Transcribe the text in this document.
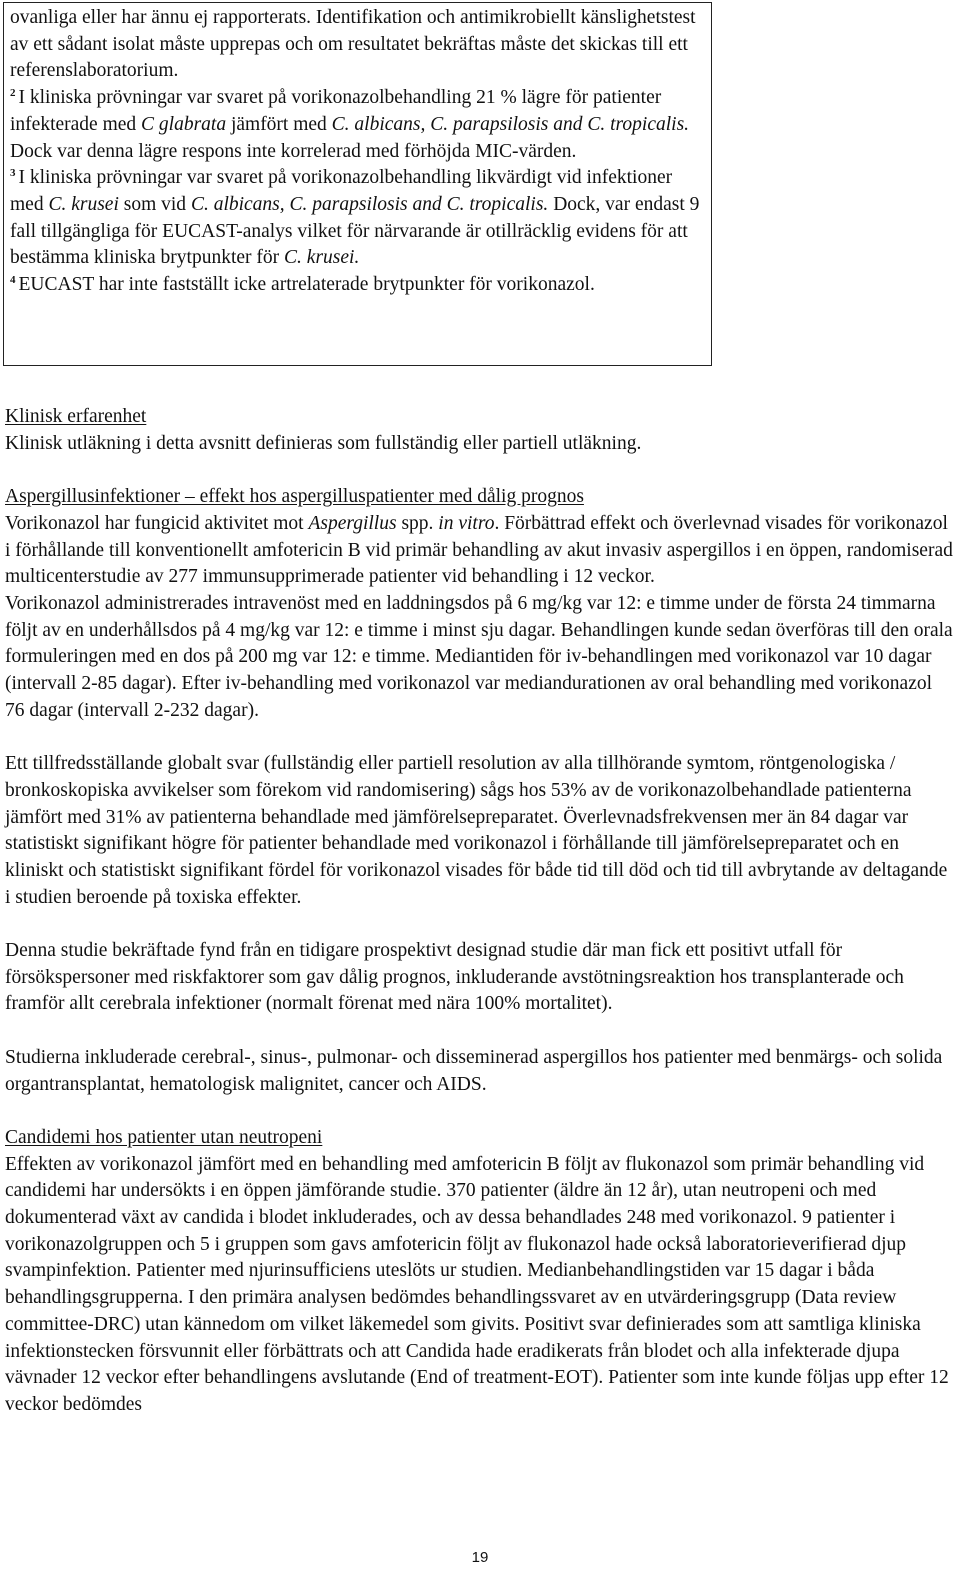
ovanliga eller har ännu ej rapporterats. Identifikation och antimikrobiellt känslighetstest av ett sådant isolat måste upprepas och om resultatet bekräftas måste det skickas till ett referenslaboratorium.

$^2$ I kliniska prövningar var svaret på vorikonazolbehandling 21 % lägre för patienter infekterade med C glabrata jämfört med C. albicans, C. parapsilosis and C. tropicalis. Dock var denna lägre respons inte korrelerad med förhöjda MIC-värden.

$^3$ I kliniska prövningar var svaret på vorikonazolbehandling likvärdigt vid infektioner med C. krusei som vid C. albicans, C. parapsilosis and C. tropicalis. Dock, var endast 9 fall tillgängliga för EUCAST-analys vilket för närvarande är otillräcklig evidens för att bestämma kliniska brytpunkter för C. krusei.

$^4$ EUCAST har inte fastställt icke artrelaterade brytpunkter för vorikonazol.

Klinisk erfarenhet

Klinisk utläkning i detta avsnitt definieras som fullständig eller partiell utläkning.

Aspergillusinfektioner – effekt hos aspergilluspatienter med dålig prognos

Vorikonazol har fungicid aktivitet mot Aspergillus spp. in vitro. Förbättrad effekt och överlevnad visades för vorikonazol i förhållande till konventionellt amfotericin B vid primär behandling av akut invasiv aspergillos i en öppen, randomiserad multicenterstudie av 277 immunsupprimerade patienter vid behandling i 12 veckor.

Vorikonazol administrerades intravenöst med en laddningsdos på 6 mg/kg var 12: e timme under de första 24 timmarna följt av en underhållsdos på 4 mg/kg var 12: e timme i minst sju dagar. Behandlingen kunde sedan överföras till den orala formuleringen med en dos på 200 mg var 12: e timme. Mediantiden för iv-behandlingen med vorikonazol var 10 dagar (intervall 2-85 dagar). Efter iv-behandling med vorikonazol var mediandurationen av oral behandling med vorikonazol 76 dagar (intervall 2-232 dagar).

Ett tillfredsställande globalt svar (fullständig eller partiell resolution av alla tillhörande symtom, röntgenologiska / bronkoskopiska avvikelser som förekom vid randomisering) sågs hos 53% av de vorikonazolbehandlade patienterna jämfört med 31% av patienterna behandlade med jämförelsepreparatet. Överlevnadsfrekvensen mer än 84 dagar var statistiskt signifikant högre för patienter behandlade med vorikonazol i förhållande till jämförelsepreparatet och en kliniskt och statistiskt signifikant fördel för vorikonazol visades för både tid till död och tid till avbrytande av deltagande i studien beroende på toxiska effekter.

Denna studie bekräftade fynd från en tidigare prospektivt designad studie där man fick ett positivt utfall för försökspersoner med riskfaktorer som gav dålig prognos, inkluderande avstötningsreaktion hos transplanterade och framför allt cerebrala infektioner (normalt förenat med nära 100% mortalitet).

Studierna inkluderade cerebral-, sinus-, pulmonar- och disseminerad aspergillos hos patienter med benmärgs- och solida organtransplantat, hematologisk malignitet, cancer och AIDS.

Candidemi hos patienter utan neutropeni

Effekten av vorikonazol jämfört med en behandling med amfotericin B följt av flukonazol som primär behandling vid candidemi har undersökts i en öppen jämförande studie. 370 patienter (äldre än 12 år), utan neutropeni och med dokumenterad växt av candida i blodet inkluderades, och av dessa behandlades 248 med vorikonazol. 9 patienter i vorikonazolgruppen och 5 i gruppen som gavs amfotericin följt av flukonazol hade också laboratorieverifierad djup svampinfektion. Patienter med njurinsufficiens uteslöts ur studien. Medianbehandlingstiden var 15 dagar i båda behandlingsgrupperna. I den primära analysen bedömdes behandlingssvaret av en utvärderingsgrupp (Data review committee-DRC) utan kännedom om vilket läkemedel som givits. Positivt svar definierades som att samtliga kliniska infektionstecken försvunnit eller förbättrats och att Candida hade eradikerats från blodet och alla infekterade djupa vävnader 12 veckor efter behandlingens avslutande (End of treatment-EOT). Patienter som inte kunde följas upp efter 12 veckor bedömdes

19
